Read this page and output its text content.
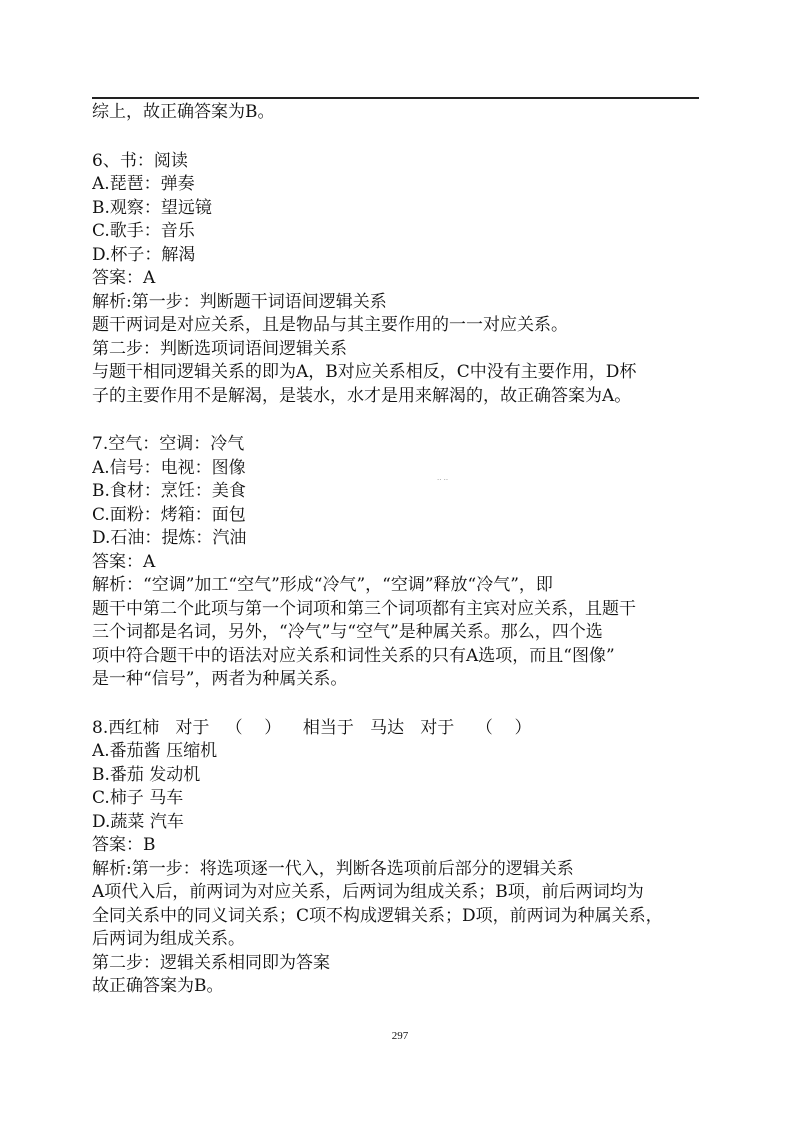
综上，故正确答案为B。
6、书：阅读
A.琵琶：弹奏
B.观察：望远镜
C.歌手：音乐
D.杯子：解渴
答案：A
解析:第一步：判断题干词语间逻辑关系
题干两词是对应关系，且是物品与其主要作用的一一对应关系。
第二步：判断选项词语间逻辑关系
与题干相同逻辑关系的即为A，B对应关系相反，C中没有主要作用，D杯
子的主要作用不是解渴，是装水，水才是用来解渴的，故正确答案为A。
7.空气：空调：冷气
A.信号：电视：图像
B.食材：烹饪：美食
C.面粉：烤箱：面包
D.石油：提炼：汽油
答案：A
解析：“空调”加工“空气”形成“冷气”，“空调”释放“冷气”，即
题干中第二个此项与第一个词项和第三个词项都有主宾对应关系，且题干
三个词都是名词，另外，“冷气”与“空气”是种属关系。那么，四个选
项中符合题干中的语法对应关系和词性关系的只有A选项，而且“图像”
是一种“信号”，两者为种属关系。
8.西红柿   对于   （    ）    相当于   马达   对于    （    ）
A.番茄酱 压缩机
B.番茄 发动机
C.柿子 马车
D.蔬菜 汽车
答案：B
解析:第一步：将选项逐一代入，判断各选项前后部分的逻辑关系
A项代入后，前两词为对应关系，后两词为组成关系；B项，前后两词均为
全同关系中的同义词关系；C项不构成逻辑关系；D项，前两词为种属关系，
后两词为组成关系。
第二步：逻辑关系相同即为答案
故正确答案为B。
·· ··
297
